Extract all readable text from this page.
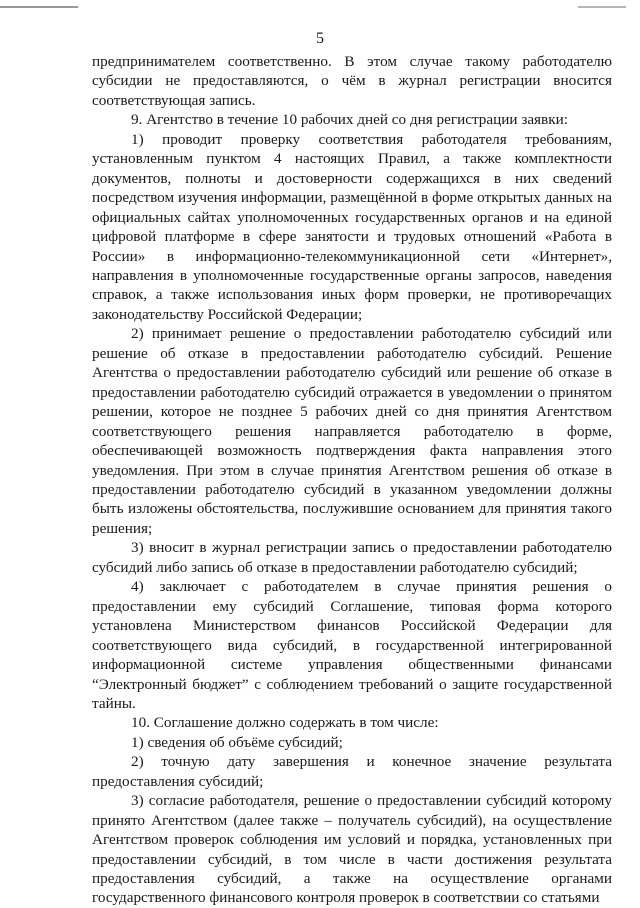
5

предпринимателем соответственно. В этом случае такому работодателю субсидии не предоставляются, о чём в журнал регистрации вносится соответствующая запись.

9. Агентство в течение 10 рабочих дней со дня регистрации заявки:

1) проводит проверку соответствия работодателя требованиям, установленным пунктом 4 настоящих Правил, а также комплектности документов, полноты и достоверности содержащихся в них сведений посредством изучения информации, размещённой в форме открытых данных на официальных сайтах уполномоченных государственных органов и на единой цифровой платформе в сфере занятости и трудовых отношений «Работа в России» в информационно-телекоммуникационной сети «Интернет», направления в уполномоченные государственные органы запросов, наведения справок, а также использования иных форм проверки, не противоречащих законодательству Российской Федерации;

2) принимает решение о предоставлении работодателю субсидий или решение об отказе в предоставлении работодателю субсидий. Решение Агентства о предоставлении работодателю субсидий или решение об отказе в предоставлении работодателю субсидий отражается в уведомлении о принятом решении, которое не позднее 5 рабочих дней со дня принятия Агентством соответствующего решения направляется работодателю в форме, обеспечивающей возможность подтверждения факта направления этого уведомления. При этом в случае принятия Агентством решения об отказе в предоставлении работодателю субсидий в указанном уведомлении должны быть изложены обстоятельства, послужившие основанием для принятия такого решения;

3) вносит в журнал регистрации запись о предоставлении работодателю субсидий либо запись об отказе в предоставлении работодателю субсидий;

4) заключает с работодателем в случае принятия решения о предоставлении ему субсидий Соглашение, типовая форма которого установлена Министерством финансов Российской Федерации для соответствующего вида субсидий, в государственной интегрированной информационной системе управления общественными финансами “Электронный бюджет” с соблюдением требований о защите государственной тайны.

10. Соглашение должно содержать в том числе:

1) сведения об объёме субсидий;

2) точную дату завершения и конечное значение результата предоставления субсидий;

3) согласие работодателя, решение о предоставлении субсидий которому принято Агентством (далее также – получатель субсидий), на осуществление Агентством проверок соблюдения им условий и порядка, установленных при предоставлении субсидий, в том числе в части достижения результата предоставления субсидий, а также на осуществление органами государственного финансового контроля проверок в соответствии со статьями
